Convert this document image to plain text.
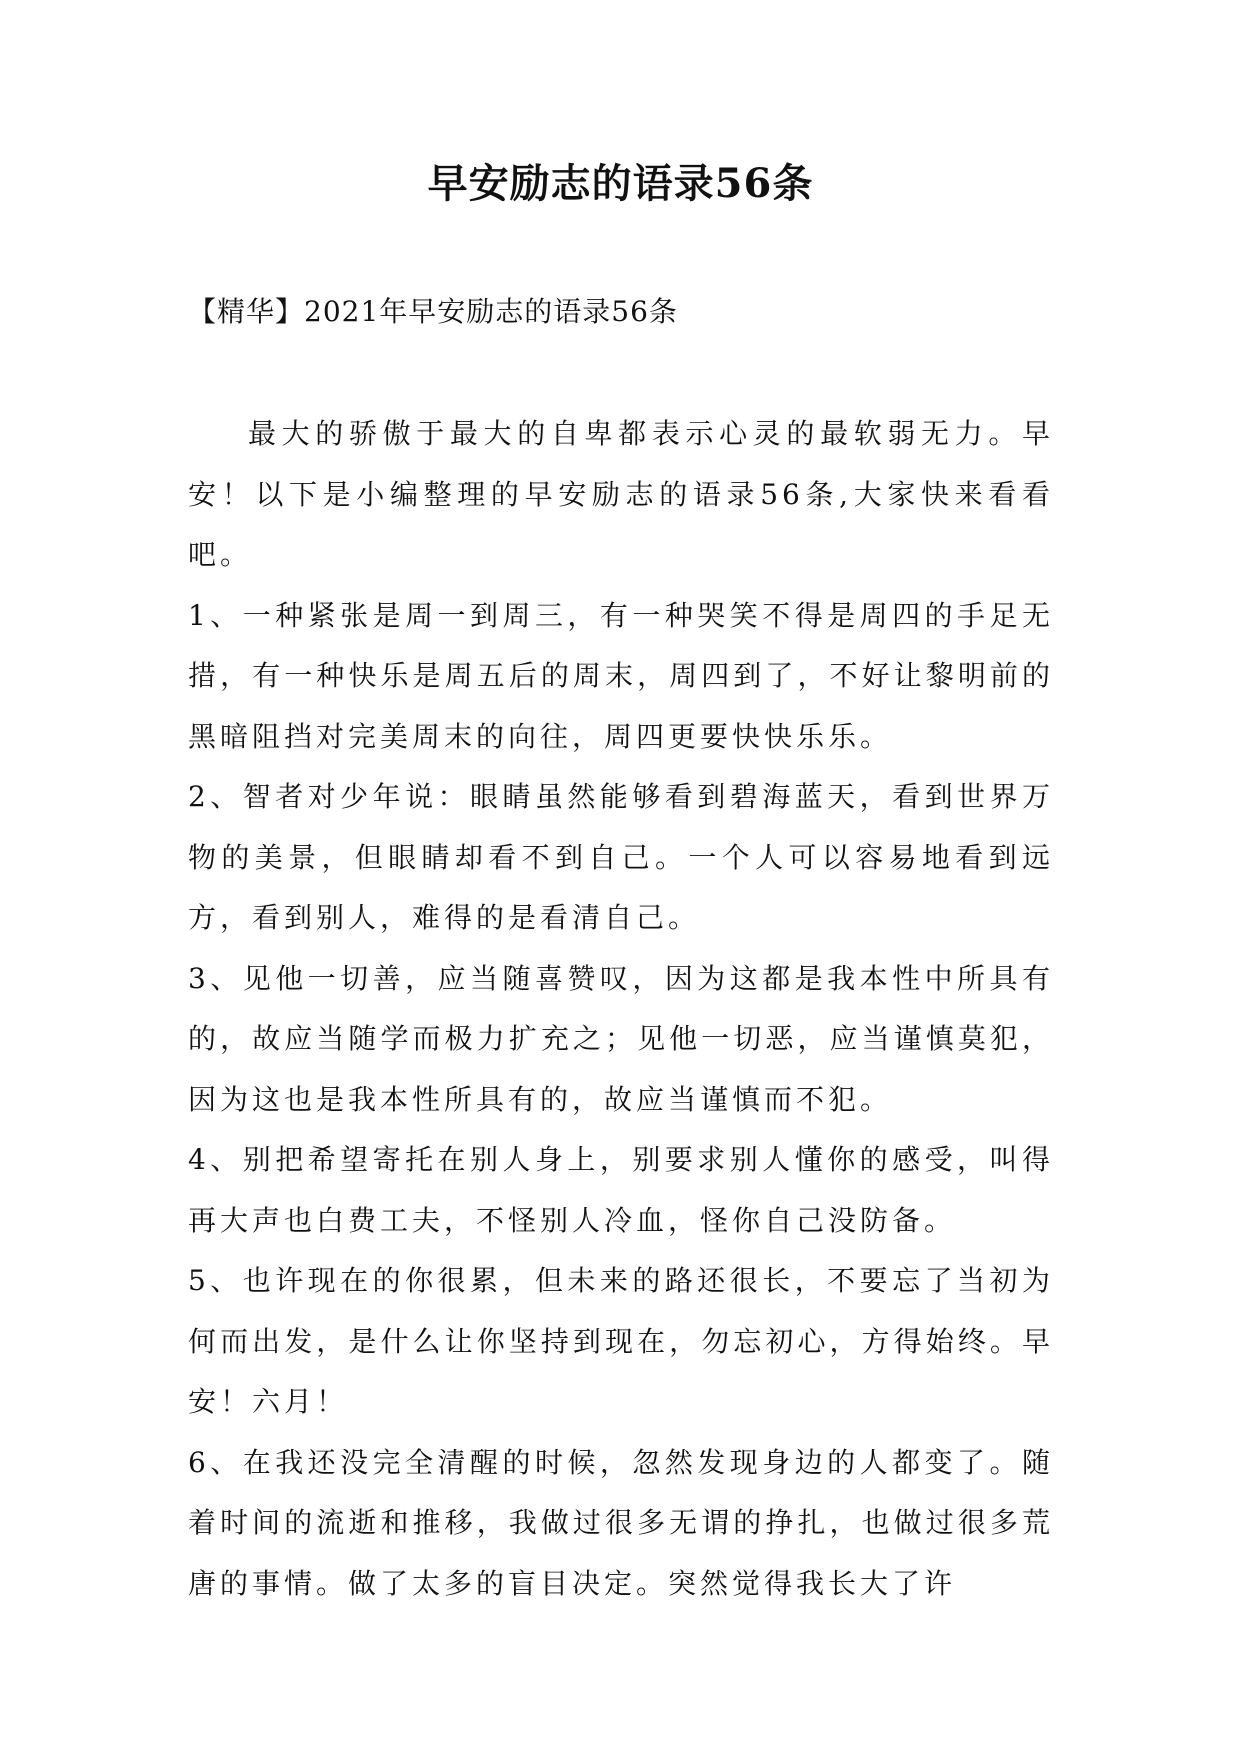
早安励志的语录56条

【精华】2021年早安励志的语录56条

最大的骄傲于最大的自卑都表示心灵的最软弱无力。早安！以下是小编整理的早安励志的语录56条,大家快来看看吧。

1、一种紧张是周一到周三，有一种哭笑不得是周四的手足无措，有一种快乐是周五后的周末，周四到了，不好让黎明前的黑暗阻挡对完美周末的向往，周四更要快快乐乐。

2、智者对少年说：眼睛虽然能够看到碧海蓝天，看到世界万物的美景，但眼睛却看不到自己。一个人可以容易地看到远方，看到别人，难得的是看清自己。

3、见他一切善，应当随喜赞叹，因为这都是我本性中所具有的，故应当随学而极力扩充之；见他一切恶，应当谨慎莫犯，因为这也是我本性所具有的，故应当谨慎而不犯。

4、别把希望寄托在别人身上，别要求别人懂你的感受，叫得再大声也白费工夫，不怪别人冷血，怪你自己没防备。

5、也许现在的你很累，但未来的路还很长，不要忘了当初为何而出发，是什么让你坚持到现在，勿忘初心，方得始终。早安！六月！

6、在我还没完全清醒的时候，忽然发现身边的人都变了。随着时间的流逝和推移，我做过很多无谓的挣扎，也做过很多荒唐的事情。做了太多的盲目决定。突然觉得我长大了许
